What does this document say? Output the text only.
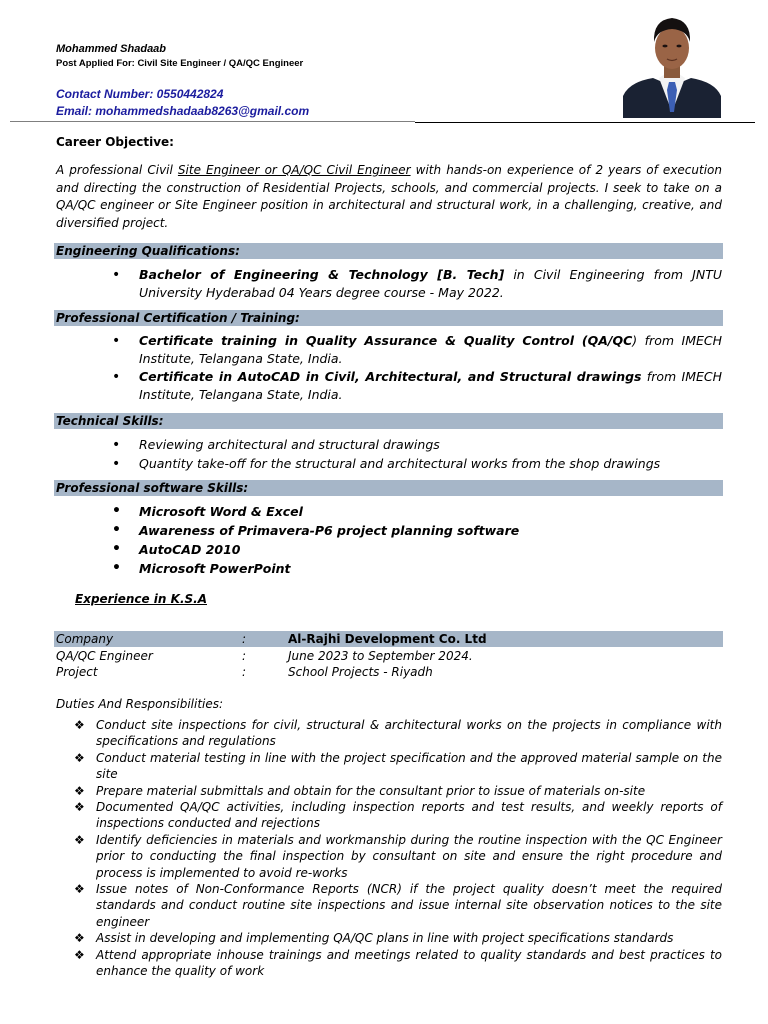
Mohammed Shadaab
Post Applied For: Civil Site Engineer / QA/QC Engineer
Contact Number: 0550442824
Email: mohammedshadaab8263@gmail.com
Career Objective:
A professional Civil Site Engineer or QA/QC Civil Engineer with hands-on experience of 2 years of execution and directing the construction of Residential Projects, schools, and commercial projects. I seek to take on a QA/QC engineer or Site Engineer position in architectural and structural work, in a challenging, creative, and diversified project.
Engineering Qualifications:
• Bachelor of Engineering & Technology [B. Tech] in Civil Engineering from JNTU University Hyderabad 04 Years degree course - May 2022.
Professional Certification / Training:
• Certificate training in Quality Assurance & Quality Control (QA/QC) from IMECH Institute, Telangana State, India.
• Certificate in AutoCAD in Civil, Architectural, and Structural drawings from IMECH Institute, Telangana State, India.
Technical Skills:
• Reviewing architectural and structural drawings
• Quantity take-off for the structural and architectural works from the shop drawings
Professional software Skills:
• Microsoft Word & Excel
• Awareness of Primavera-P6 project planning software
• AutoCAD 2010
• Microsoft PowerPoint
Experience in K.S.A
Company	:	Al-Rajhi Development Co. Ltd
QA/QC Engineer	:	June 2023 to September 2024.
Project	:	School Projects - Riyadh
Duties And Responsibilities:
❖ Conduct site inspections for civil, structural & architectural works on the projects in compliance with specifications and regulations
❖ Conduct material testing in line with the project specification and the approved material sample on the site
❖ Prepare material submittals and obtain for the consultant prior to issue of materials on-site
❖ Documented QA/QC activities, including inspection reports and test results, and weekly reports of inspections conducted and rejections
❖ Identify deficiencies in materials and workmanship during the routine inspection with the QC Engineer prior to conducting the final inspection by consultant on site and ensure the right procedure and process is implemented to avoid re-works
❖ Issue notes of Non-Conformance Reports (NCR) if the project quality doesn’t meet the required standards and conduct routine site inspections and issue internal site observation notices to the site engineer
❖ Assist in developing and implementing QA/QC plans in line with project specifications standards
❖ Attend appropriate inhouse trainings and meetings related to quality standards and best practices to enhance the quality of work
